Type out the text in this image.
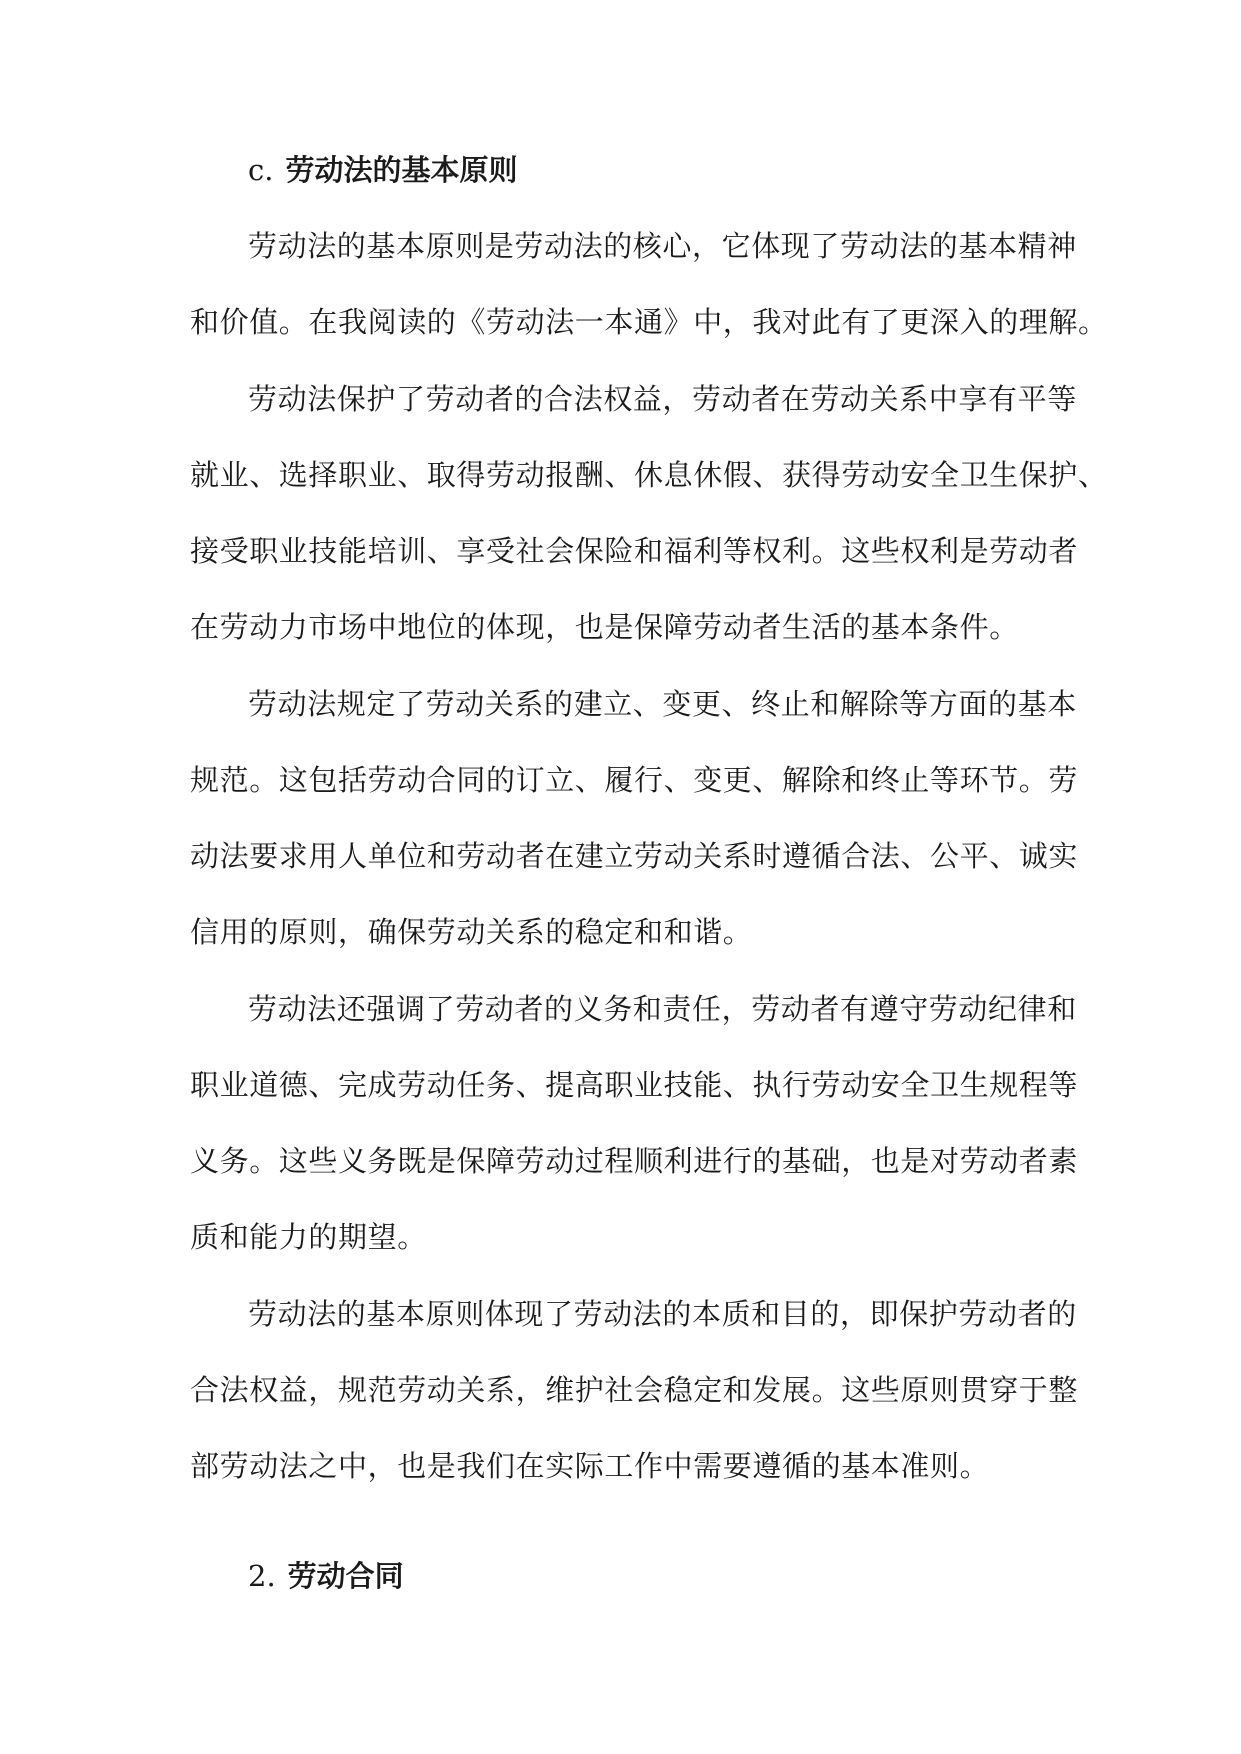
c. 劳动法的基本原则
劳动法的基本原则是劳动法的核心，它体现了劳动法的基本精神
和价值。在我阅读的《劳动法一本通》中，我对此有了更深入的理解。
劳动法保护了劳动者的合法权益，劳动者在劳动关系中享有平等
就业、选择职业、取得劳动报酬、休息休假、获得劳动安全卫生保护、
接受职业技能培训、享受社会保险和福利等权利。这些权利是劳动者
在劳动力市场中地位的体现，也是保障劳动者生活的基本条件。
劳动法规定了劳动关系的建立、变更、终止和解除等方面的基本
规范。这包括劳动合同的订立、履行、变更、解除和终止等环节。劳
动法要求用人单位和劳动者在建立劳动关系时遵循合法、公平、诚实
信用的原则，确保劳动关系的稳定和和谐。
劳动法还强调了劳动者的义务和责任，劳动者有遵守劳动纪律和
职业道德、完成劳动任务、提高职业技能、执行劳动安全卫生规程等
义务。这些义务既是保障劳动过程顺利进行的基础，也是对劳动者素
质和能力的期望。
劳动法的基本原则体现了劳动法的本质和目的，即保护劳动者的
合法权益，规范劳动关系，维护社会稳定和发展。这些原则贯穿于整
部劳动法之中，也是我们在实际工作中需要遵循的基本准则。
2. 劳动合同
